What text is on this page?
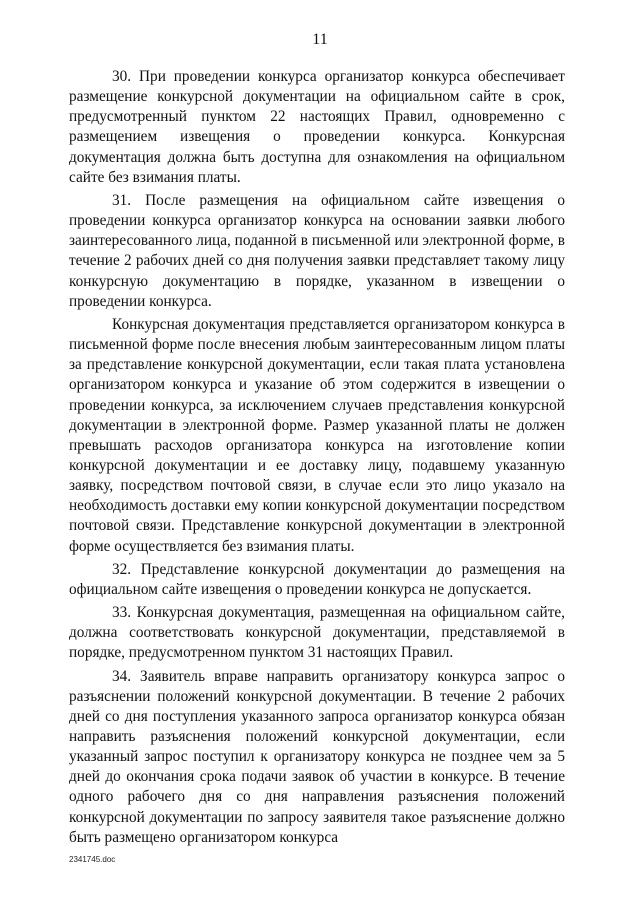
11

30. При проведении конкурса организатор конкурса обеспечивает размещение конкурсной документации на официальном сайте в срок, предусмотренный пунктом 22 настоящих Правил, одновременно с размещением извещения о проведении конкурса. Конкурсная документация должна быть доступна для ознакомления на официальном сайте без взимания платы.

31. После размещения на официальном сайте извещения о проведении конкурса организатор конкурса на основании заявки любого заинтересованного лица, поданной в письменной или электронной форме, в течение 2 рабочих дней со дня получения заявки представляет такому лицу конкурсную документацию в порядке, указанном в извещении о проведении конкурса.

Конкурсная документация представляется организатором конкурса в письменной форме после внесения любым заинтересованным лицом платы за представление конкурсной документации, если такая плата установлена организатором конкурса и указание об этом содержится в извещении о проведении конкурса, за исключением случаев представления конкурсной документации в электронной форме. Размер указанной платы не должен превышать расходов организатора конкурса на изготовление копии конкурсной документации и ее доставку лицу, подавшему указанную заявку, посредством почтовой связи, в случае если это лицо указало на необходимость доставки ему копии конкурсной документации посредством почтовой связи. Представление конкурсной документации в электронной форме осуществляется без взимания платы.

32. Представление конкурсной документации до размещения на официальном сайте извещения о проведении конкурса не допускается.

33. Конкурсная документация, размещенная на официальном сайте, должна соответствовать конкурсной документации, представляемой в порядке, предусмотренном пунктом 31 настоящих Правил.

34. Заявитель вправе направить организатору конкурса запрос о разъяснении положений конкурсной документации. В течение 2 рабочих дней со дня поступления указанного запроса организатор конкурса обязан направить разъяснения положений конкурсной документации, если указанный запрос поступил к организатору конкурса не позднее чем за 5 дней до окончания срока подачи заявок об участии в конкурсе. В течение одного рабочего дня со дня направления разъяснения положений конкурсной документации по запросу заявителя такое разъяснение должно быть размещено организатором конкурса

2341745.doc
